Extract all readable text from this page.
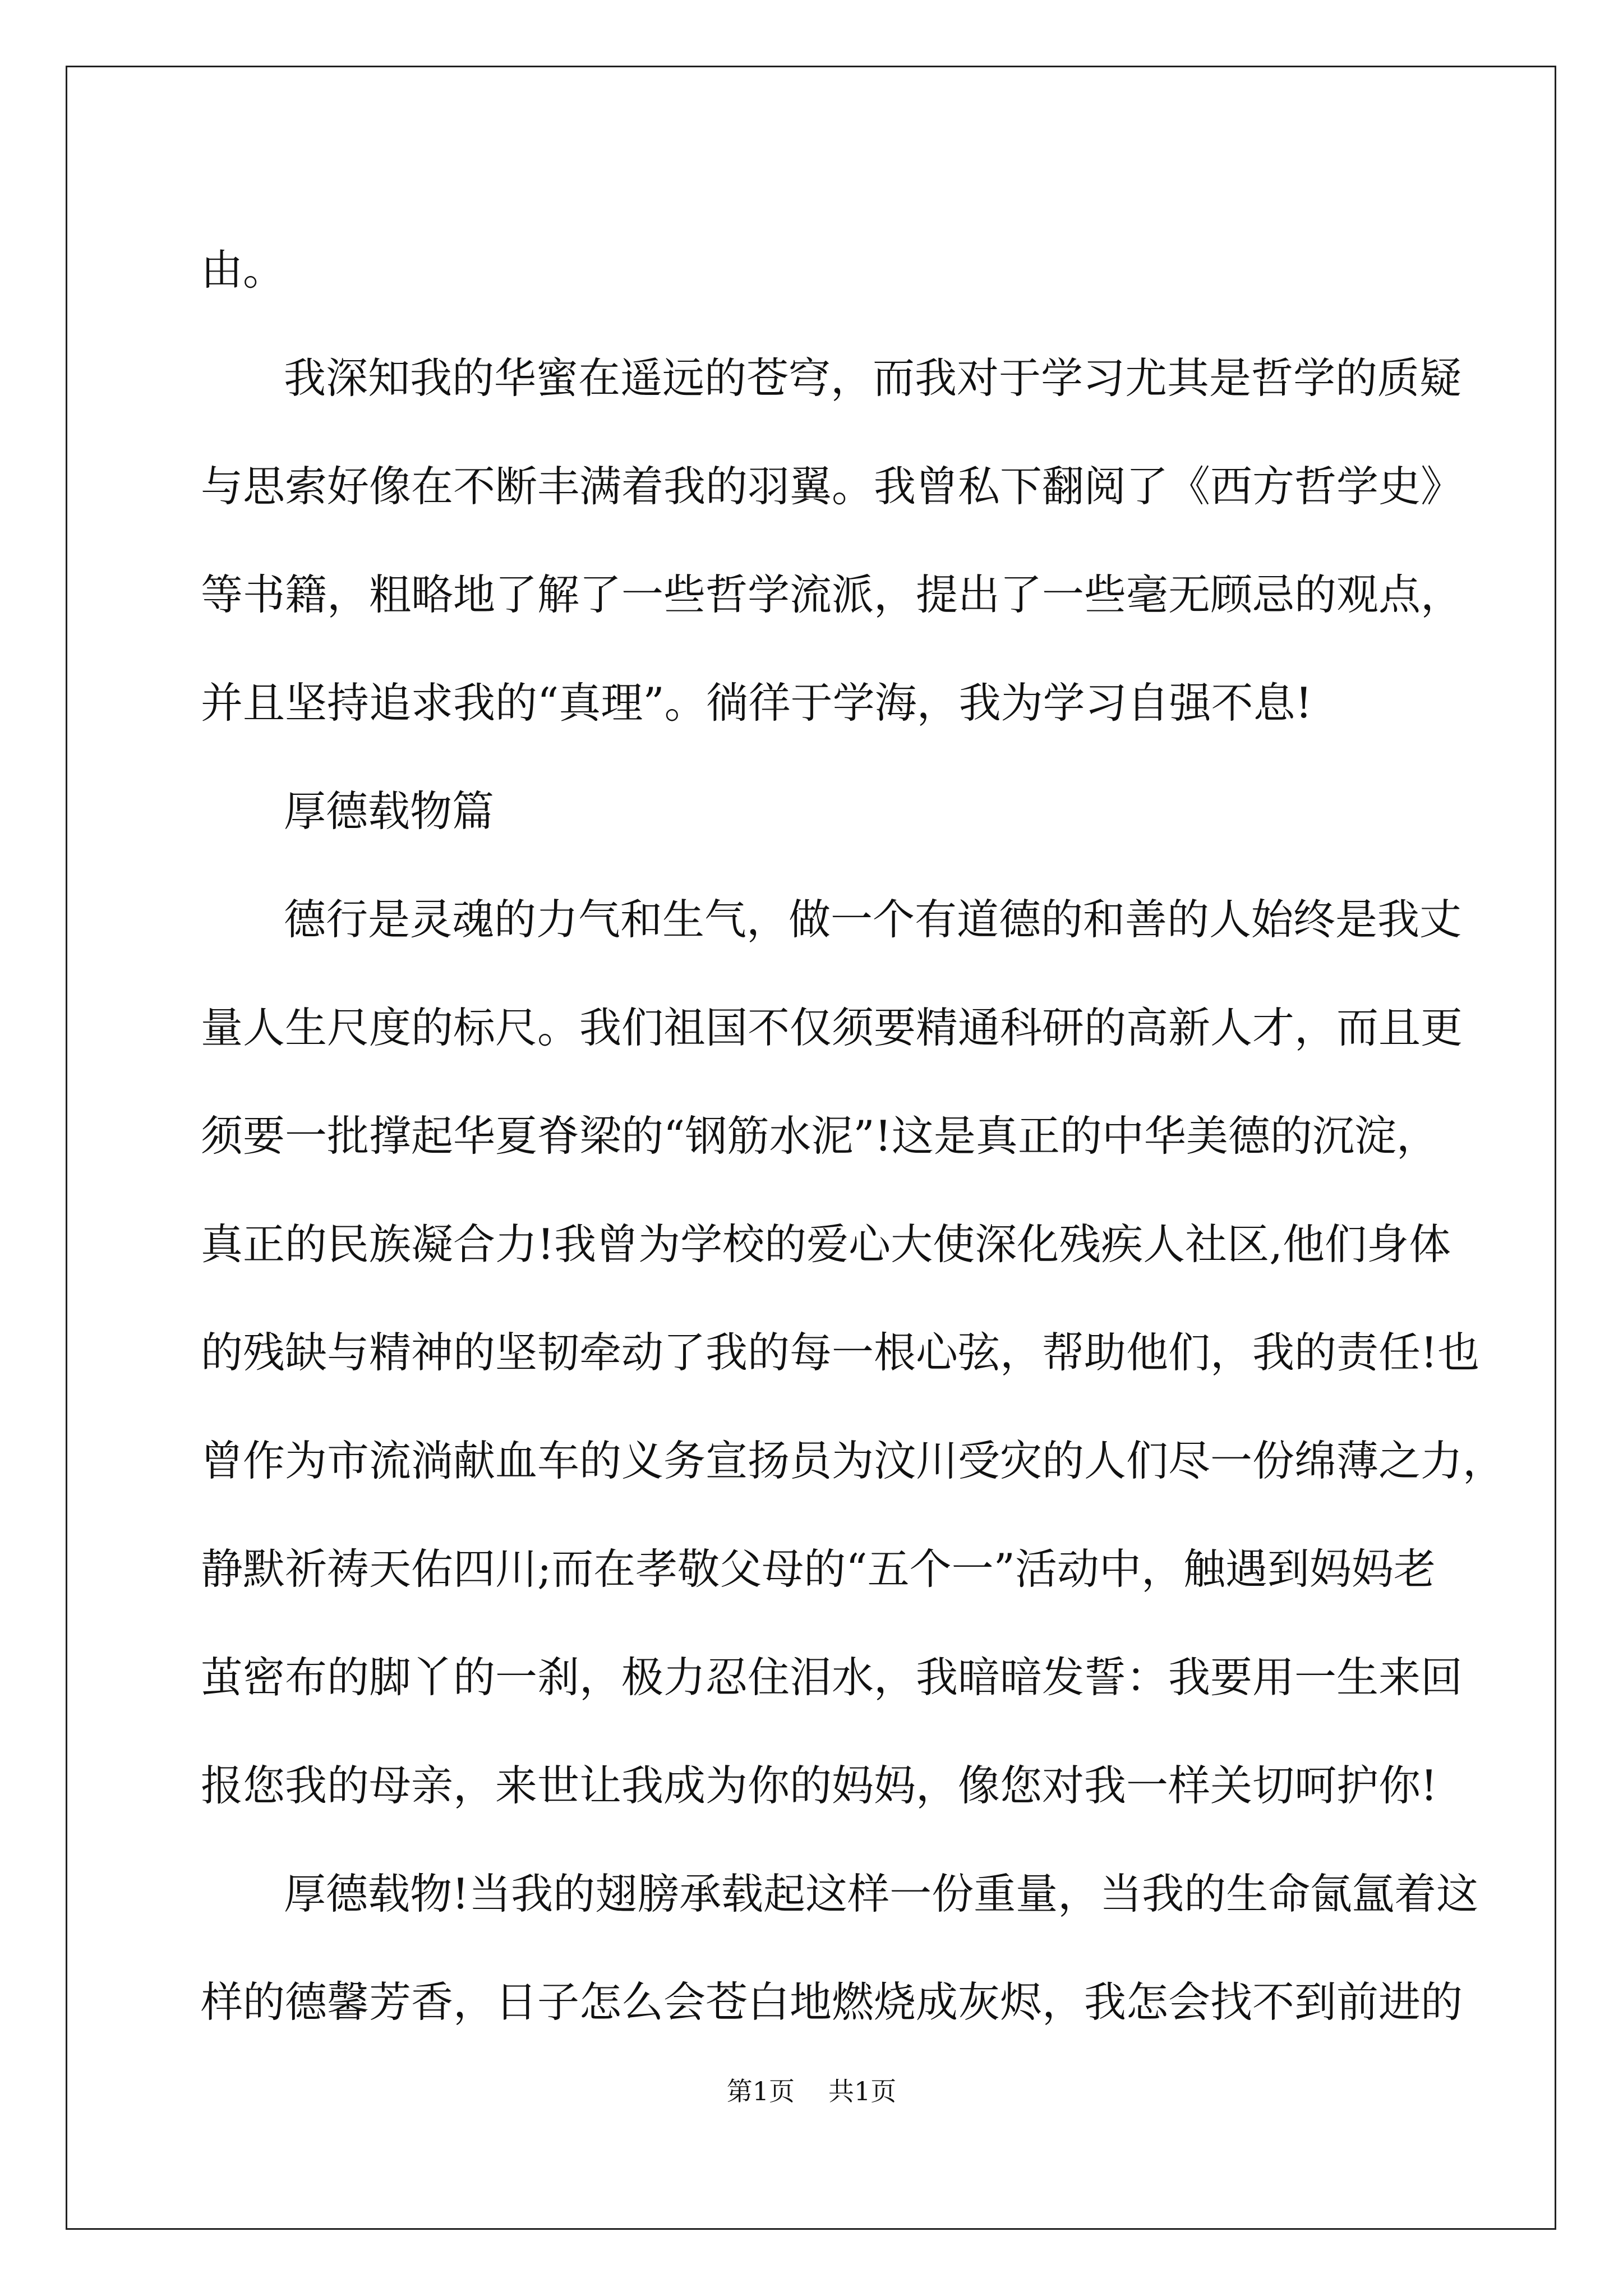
由。
我深知我的华蜜在遥远的苍穹，而我对于学习尤其是哲学的质疑
与思索好像在不断丰满着我的羽翼。我曾私下翻阅了《西方哲学史》
等书籍，粗略地了解了一些哲学流派，提出了一些毫无顾忌的观点，
并且坚持追求我的“真理”。徜徉于学海，我为学习自强不息!
厚德载物篇
德行是灵魂的力气和生气，做一个有道德的和善的人始终是我丈
量人生尺度的标尺。我们祖国不仅须要精通科研的高新人才，而且更
须要一批撑起华夏脊梁的“钢筋水泥”!这是真正的中华美德的沉淀，
真正的民族凝合力!我曾为学校的爱心大使深化残疾人社区,他们身体
的残缺与精神的坚韧牵动了我的每一根心弦，帮助他们，我的责任!也
曾作为市流淌献血车的义务宣扬员为汶川受灾的人们尽一份绵薄之力，
静默祈祷天佑四川;而在孝敬父母的“五个一”活动中，触遇到妈妈老
茧密布的脚丫的一刹，极力忍住泪水，我暗暗发誓：我要用一生来回
报您我的母亲，来世让我成为你的妈妈，像您对我一样关切呵护你!
厚德载物!当我的翅膀承载起这样一份重量，当我的生命氤氲着这
样的德馨芳香，日子怎么会苍白地燃烧成灰烬，我怎会找不到前进的
第1页 共1页
